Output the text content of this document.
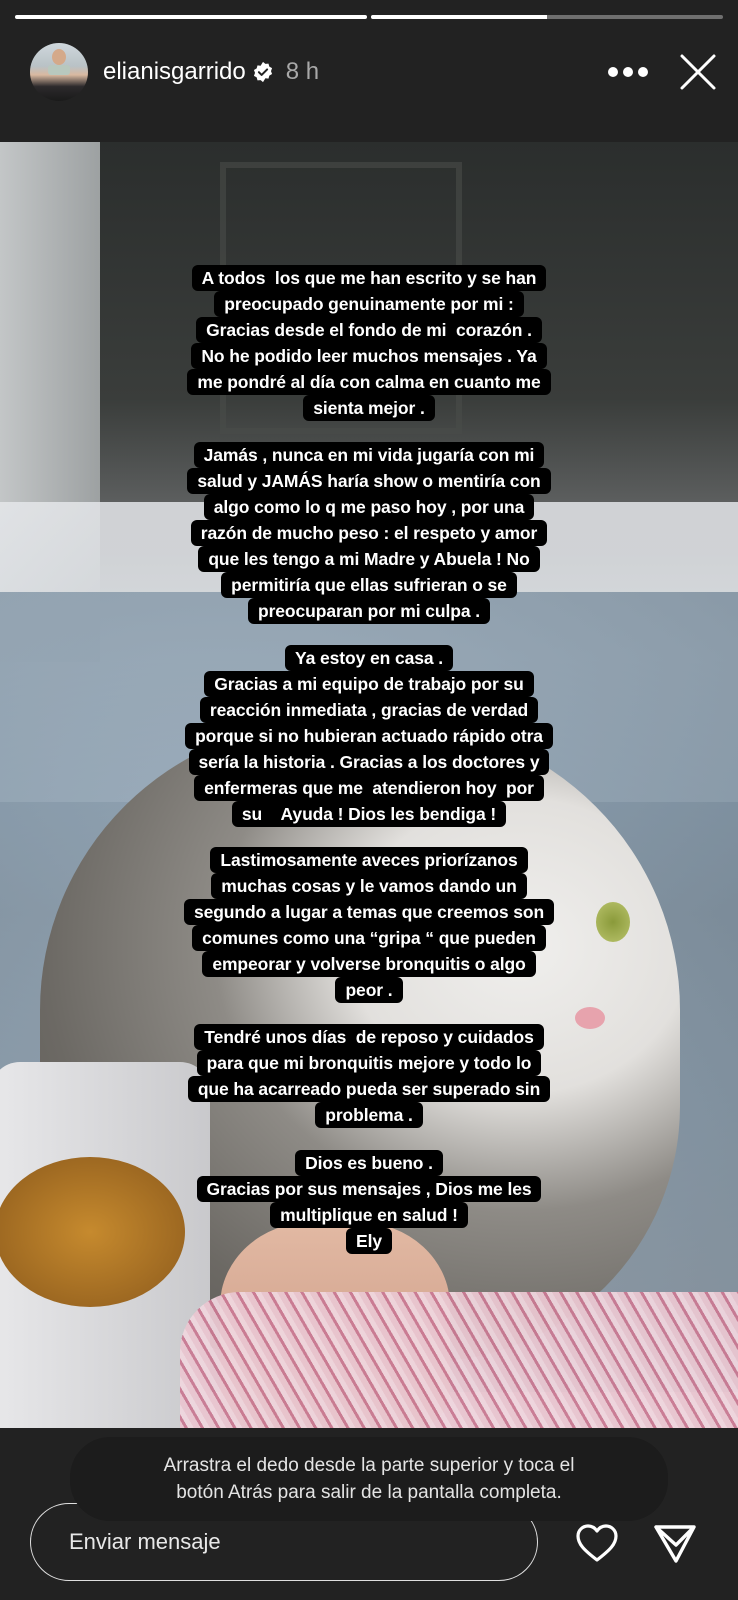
elianisgarrido 8 h

A todos  los que me han escrito y se han

preocupado genuinamente por mi :

Gracias desde el fondo de mi  corazón .

No he podido leer muchos mensajes . Ya

me pondré al día con calma en cuanto me

sienta mejor .

Jamás , nunca en mi vida jugaría con mi

salud y JAMÁS haría show o mentiría con

algo como lo q me paso hoy , por una

razón de mucho peso : el respeto y amor

que les tengo a mi Madre y Abuela ! No

permitiría que ellas sufrieran o se

preocuparan por mi culpa .

Ya estoy en casa .

Gracias a mi equipo de trabajo por su

reacción inmediata , gracias de verdad

porque si no hubieran actuado rápido otra

sería la historia . Gracias a los doctores y

enfermeras que me  atendieron hoy  por

su    Ayuda ! Dios les bendiga !

Lastimosamente aveces priorízanos

muchas cosas y le vamos dando un

segundo a lugar a temas que creemos son

comunes como una “gripa “ que pueden

empeorar y volverse bronquitis o algo

peor .

Tendré unos días  de reposo y cuidados

para que mi bronquitis mejore y todo lo

que ha acarreado pueda ser superado sin

problema .

Dios es bueno .

Gracias por sus mensajes , Dios me les

multiplique en salud !

Ely

Arrastra el dedo desde la parte superior y toca el
botón Atrás para salir de la pantalla completa.
Enviar mensaje
